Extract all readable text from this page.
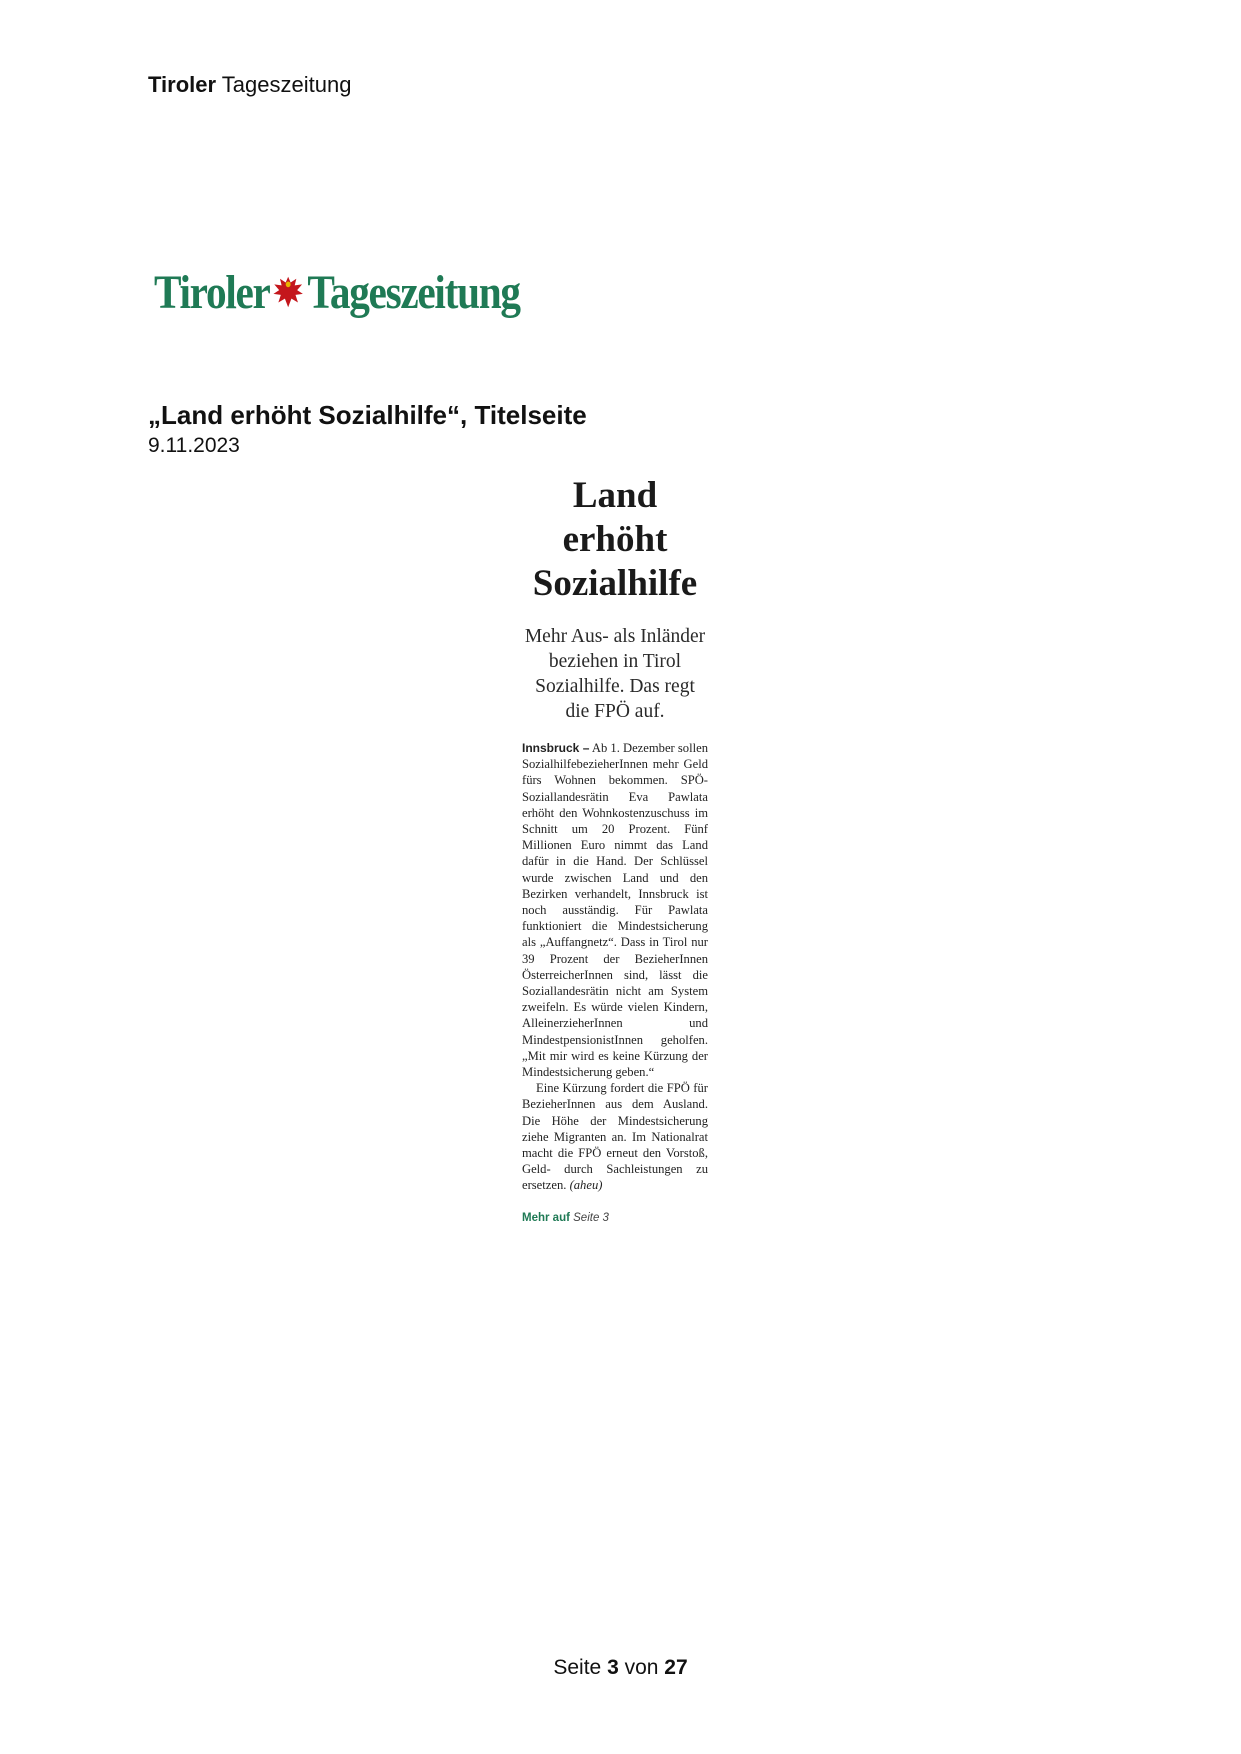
Tiroler Tageszeitung
Tiroler Tageszeitung
„Land erhöht Sozialhilfe“, Titelseite
9.11.2023
Land
erhöht
Sozialhilfe
Mehr Aus- als Inländer beziehen in Tirol Sozialhilfe. Das regt die FPÖ auf.

Innsbruck – Ab 1. Dezember sollen SozialhilfebezieherInnen mehr Geld fürs Wohnen bekommen. SPÖ-Soziallandesrätin Eva Pawlata erhöht den Wohnkostenzuschuss im Schnitt um 20 Prozent. Fünf Millionen Euro nimmt das Land dafür in die Hand. Der Schlüssel wurde zwischen Land und den Bezirken verhandelt, Innsbruck ist noch ausständig. Für Pawlata funktioniert die Mindestsicherung als „Auffangnetz“. Dass in Tirol nur 39 Prozent der BezieherInnen ÖsterreicherInnen sind, lässt die Soziallandesrätin nicht am System zweifeln. Es würde vielen Kindern, AlleinerzieherInnen und MindestpensionistInnen geholfen. „Mit mir wird es keine Kürzung der Mindestsicherung geben.“

Eine Kürzung fordert die FPÖ für BezieherInnen aus dem Ausland. Die Höhe der Mindestsicherung ziehe Migranten an. Im Nationalrat macht die FPÖ erneut den Vorstoß, Geld- durch Sachleistungen zu ersetzen. (aheu)

Mehr auf Seite 3
Seite 3 von 27
